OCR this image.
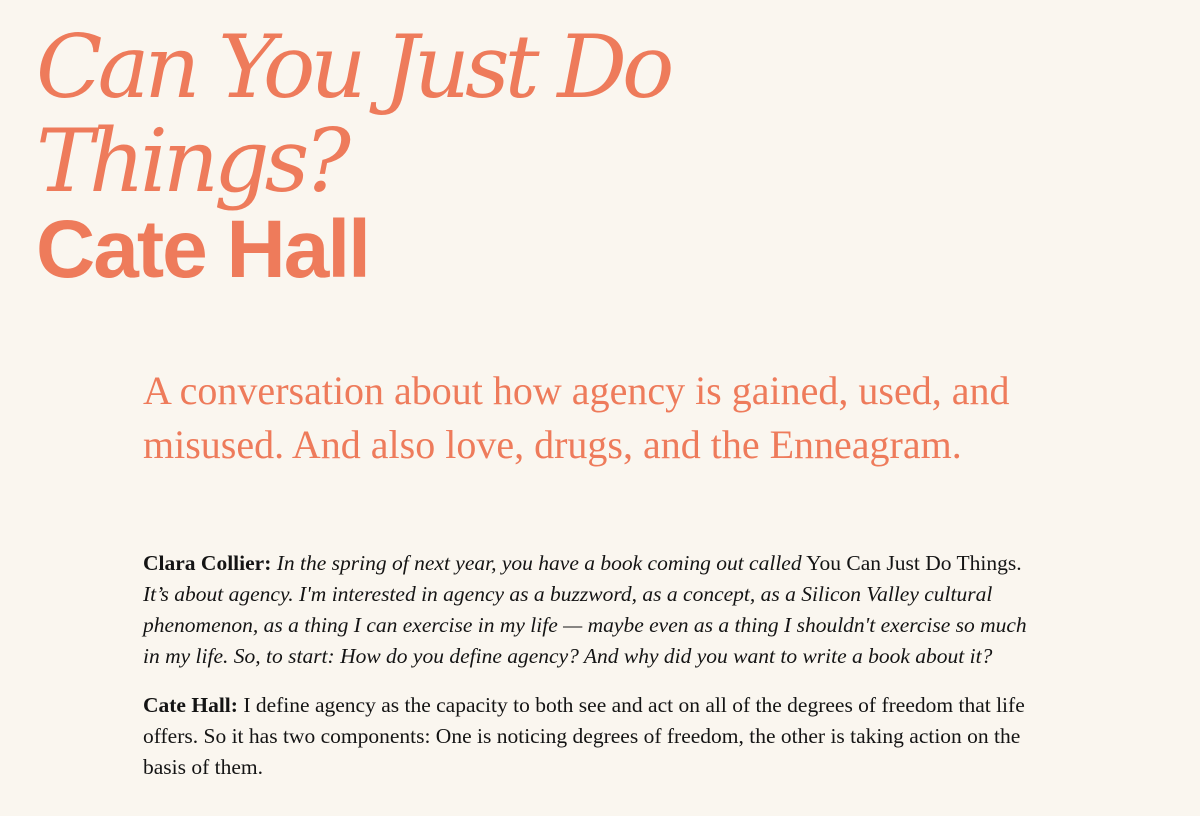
Can You Just Do Things?
Cate Hall

A conversation about how agency is gained, used, and misused. And also love, drugs, and the Enneagram.

Clara Collier: In the spring of next year, you have a book coming out called You Can Just Do Things. It’s about agency. I'm interested in agency as a buzzword, as a concept, as a Silicon Valley cultural phenomenon, as a thing I can exercise in my life — maybe even as a thing I shouldn't exercise so much in my life. So, to start: How do you define agency? And why did you want to write a book about it?

Cate Hall: I define agency as the capacity to both see and act on all of the degrees of freedom that life offers. So it has two components: One is noticing degrees of freedom, the other is taking action on the basis of them.
